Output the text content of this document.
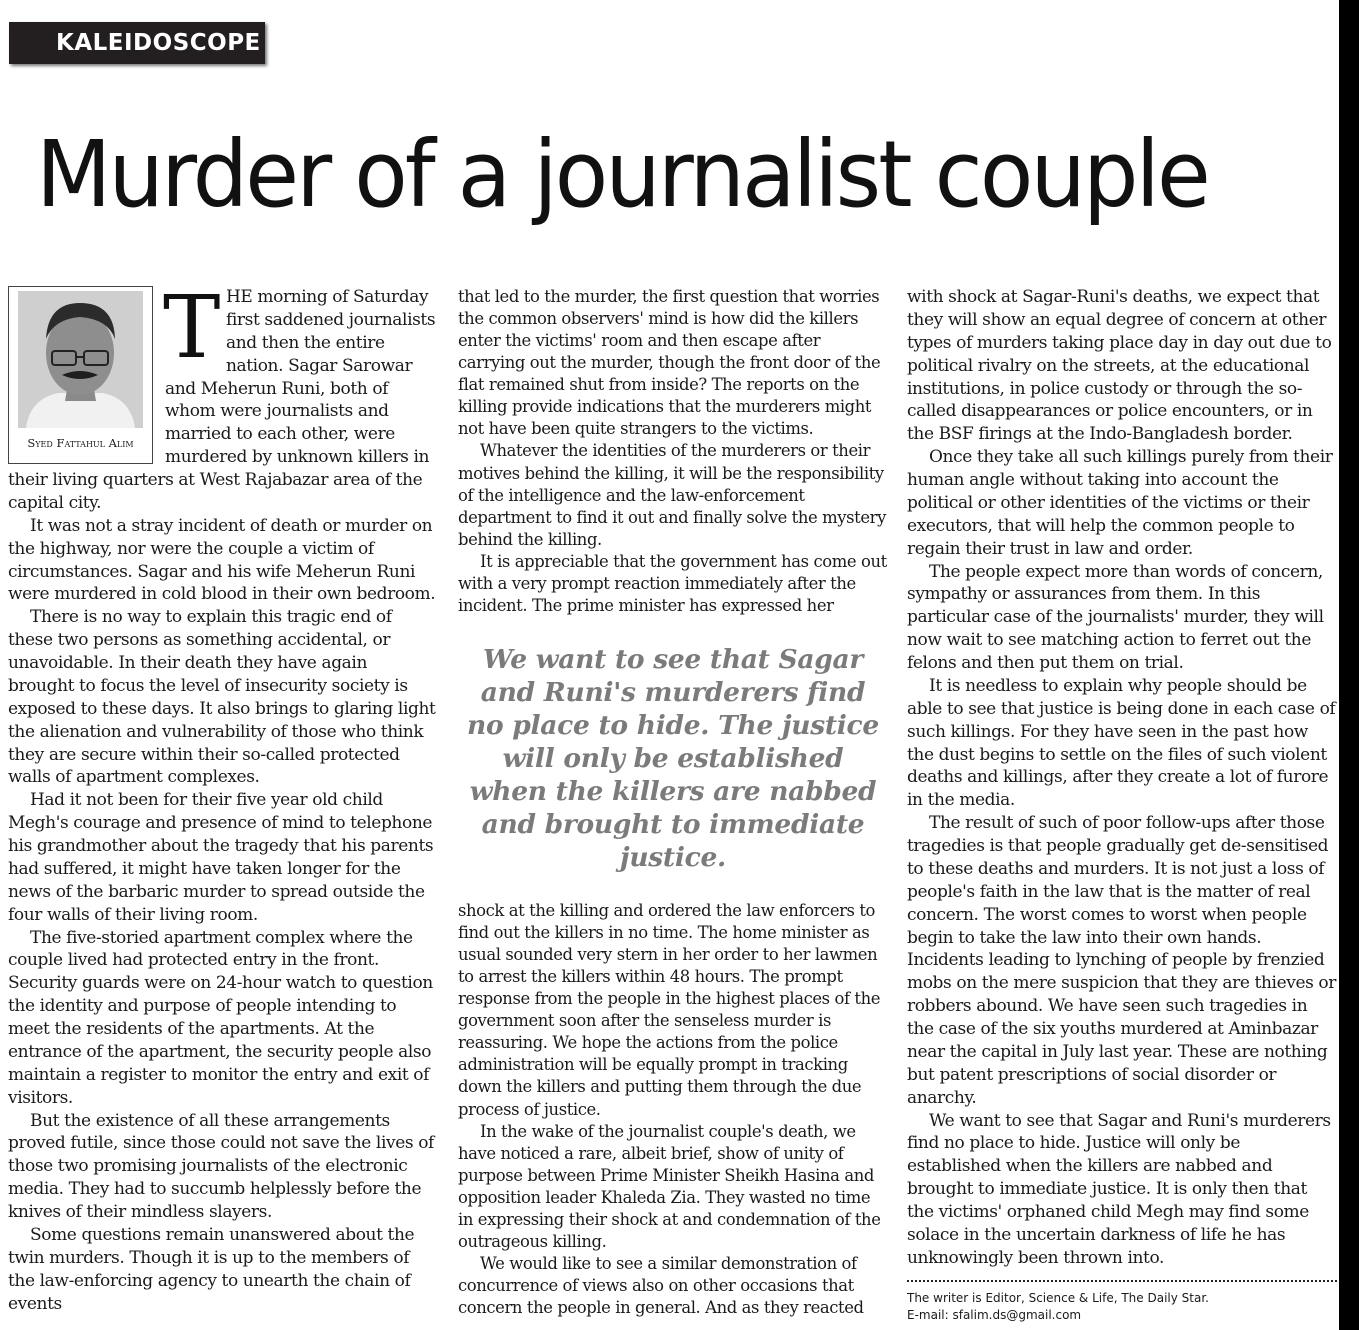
KALEIDOSCOPE
Murder of a journalist couple
Syed Fattahul Alim
T HE morning of Saturday first saddened journalists and then the entire nation. Sagar Sarowar and Meherun Runi, both of whom were journalists and married to each other, were murdered by unknown killers in their living quarters at West Rajabazar area of the capital city.

It was not a stray incident of death or murder on the highway, nor were the couple a victim of circumstances. Sagar and his wife Meherun Runi were murdered in cold blood in their own bedroom.

There is no way to explain this tragic end of these two persons as something accidental, or unavoidable. In their death they have again brought to focus the level of insecurity society is exposed to these days. It also brings to glaring light the alienation and vulnerability of those who think they are secure within their so-called protected walls of apartment complexes.

Had it not been for their five year old child Megh's courage and presence of mind to telephone his grandmother about the tragedy that his parents had suffered, it might have taken longer for the news of the barbaric murder to spread outside the four walls of their living room.

The five-storied apartment complex where the couple lived had protected entry in the front. Security guards were on 24-hour watch to question the identity and purpose of people intending to meet the residents of the apartments. At the entrance of the apartment, the security people also maintain a register to monitor the entry and exit of visitors.

But the existence of all these arrangements proved futile, since those could not save the lives of those two promising journalists of the electronic media. They had to succumb helplessly before the knives of their mindless slayers.

Some questions remain unanswered about the twin murders. Though it is up to the members of the law-enforcing agency to unearth the chain of events

that led to the murder, the first question that worries the common observers' mind is how did the killers enter the victims' room and then escape after carrying out the murder, though the front door of the flat remained shut from inside? The reports on the killing provide indications that the murderers might not have been quite strangers to the victims.

Whatever the identities of the murderers or their motives behind the killing, it will be the responsibility of the intelligence and the law-enforcement department to find it out and finally solve the mystery behind the killing.

It is appreciable that the government has come out with a very prompt reaction immediately after the incident. The prime minister has expressed her

We want to see that Sagar and Runi's murderers find no place to hide. The justice will only be established when the killers are nabbed and brought to immediate justice.

shock at the killing and ordered the law enforcers to find out the killers in no time. The home minister as usual sounded very stern in her order to her lawmen to arrest the killers within 48 hours. The prompt response from the people in the highest places of the government soon after the senseless murder is reassuring. We hope the actions from the police administration will be equally prompt in tracking down the killers and putting them through the due process of justice.

In the wake of the journalist couple's death, we have noticed a rare, albeit brief, show of unity of purpose between Prime Minister Sheikh Hasina and opposition leader Khaleda Zia. They wasted no time in expressing their shock at and condemnation of the outrageous killing.

We would like to see a similar demonstration of concurrence of views also on other occasions that concern the people in general. And as they reacted

with shock at Sagar-Runi's deaths, we expect that they will show an equal degree of concern at other types of murders taking place day in day out due to political rivalry on the streets, at the educational institutions, in police custody or through the so-called disappearances or police encounters, or in the BSF firings at the Indo-Bangladesh border.

Once they take all such killings purely from their human angle without taking into account the political or other identities of the victims or their executors, that will help the common people to regain their trust in law and order.

The people expect more than words of concern, sympathy or assurances from them. In this particular case of the journalists' murder, they will now wait to see matching action to ferret out the felons and then put them on trial.

It is needless to explain why people should be able to see that justice is being done in each case of such killings. For they have seen in the past how the dust begins to settle on the files of such violent deaths and killings, after they create a lot of furore in the media.

The result of such of poor follow-ups after those tragedies is that people gradually get de-sensitised to these deaths and murders. It is not just a loss of people's faith in the law that is the matter of real concern. The worst comes to worst when people begin to take the law into their own hands. Incidents leading to lynching of people by frenzied mobs on the mere suspicion that they are thieves or robbers abound. We have seen such tragedies in the case of the six youths murdered at Aminbazar near the capital in July last year. These are nothing but patent prescriptions of social disorder or anarchy.

We want to see that Sagar and Runi's murderers find no place to hide. Justice will only be established when the killers are nabbed and brought to immediate justice. It is only then that the victims' orphaned child Megh may find some solace in the uncertain darkness of life he has unknowingly been thrown into.

The writer is Editor, Science & Life, The Daily Star.
E-mail: sfalim.ds@gmail.com
